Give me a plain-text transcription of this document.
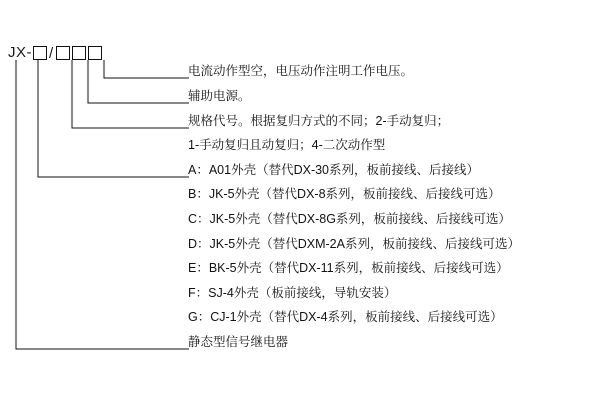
JX- /
电流动作型空，电压动作注明工作电压。
辅助电源。
规格代号。根据复归方式的不同；2-手动复归；
1-手动复归且动复归；4-二次动作型
A：A01外壳（替代DX-30系列，板前接线、后接线）
B：JK-5外壳（替代DX-8系列，板前接线、后接线可选）
C：JK-5外壳（替代DX-8G系列，板前接线、后接线可选）
D：JK-5外壳（替代DXM-2A系列，板前接线、后接线可选）
E：BK-5外壳（替代DX-11系列，板前接线、后接线可选）
F：SJ-4外壳（板前接线，导轨安装）
G：CJ-1外壳（替代DX-4系列，板前接线、后接线可选）
静态型信号继电器
